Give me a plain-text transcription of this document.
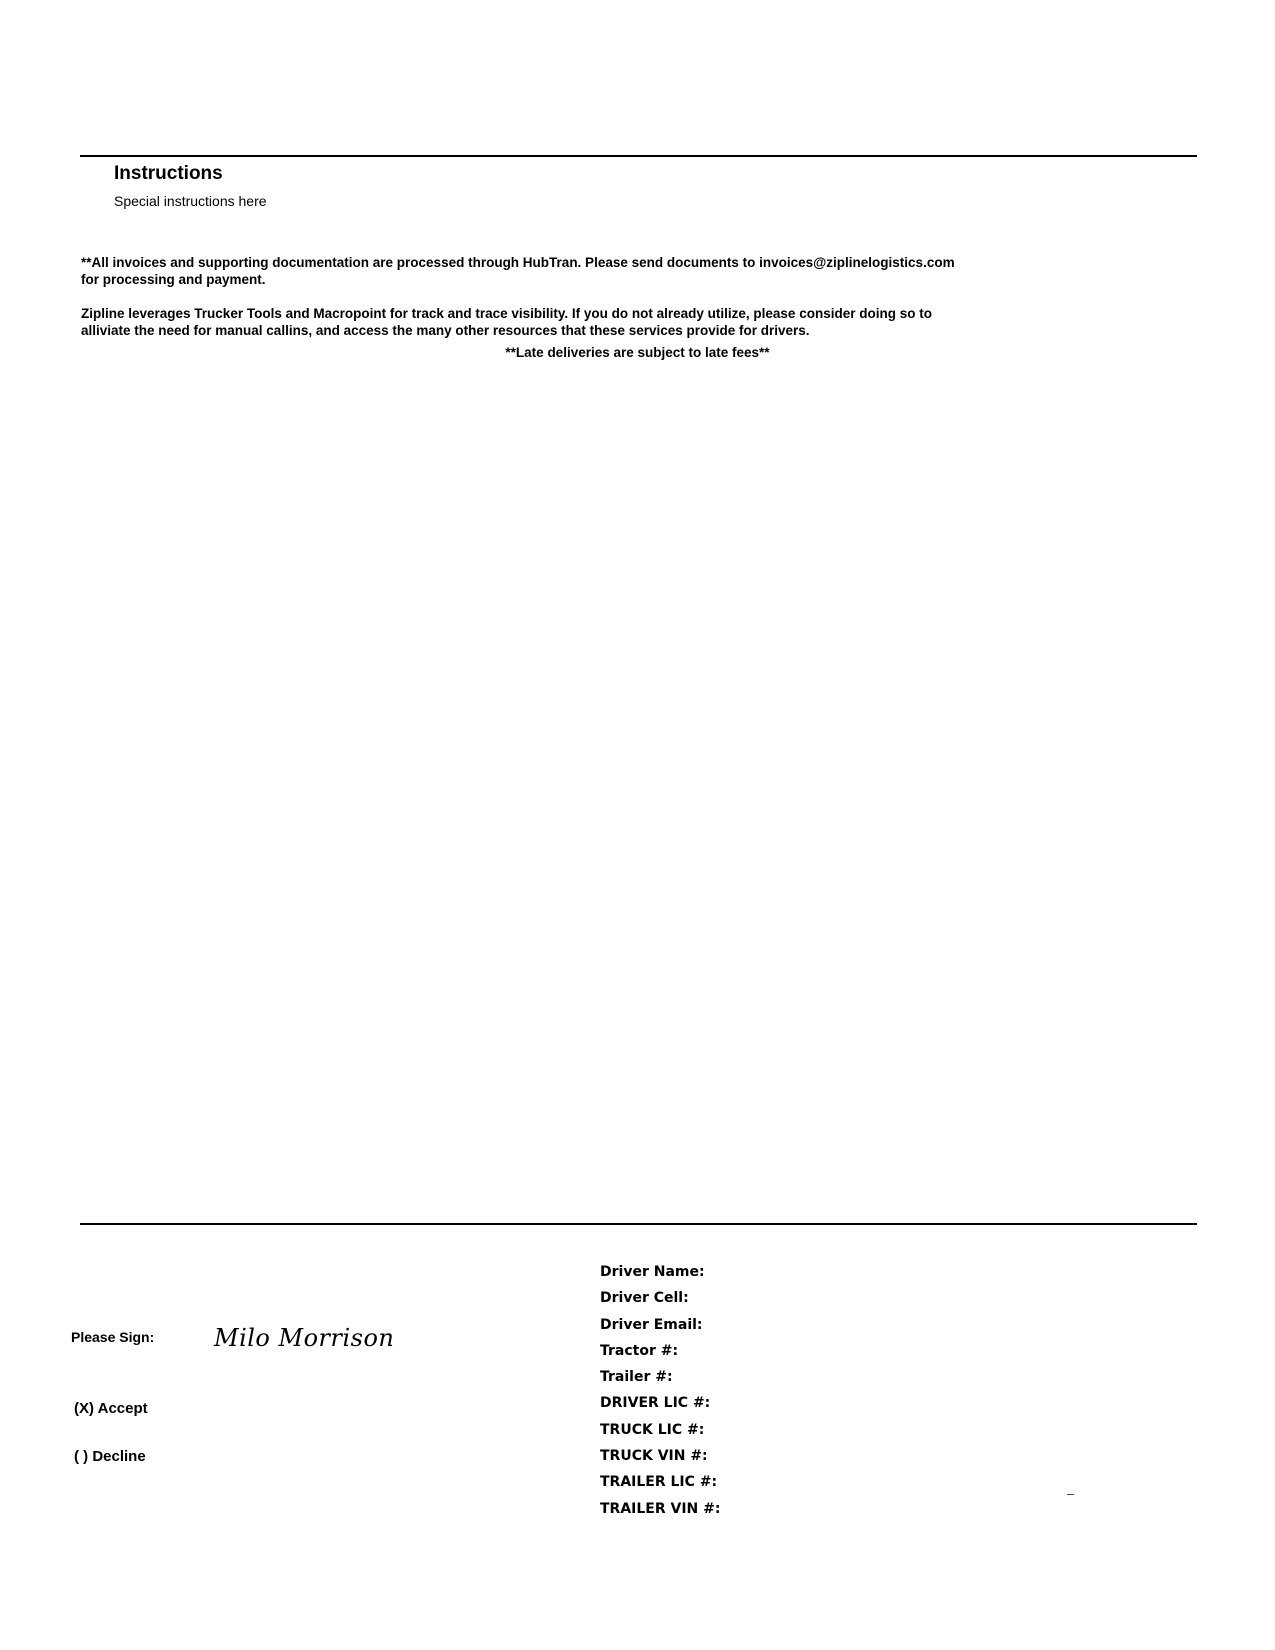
Instructions
Special instructions here

**All invoices and supporting documentation are processed through HubTran. Please send documents to invoices@ziplinelogistics.com

for processing and payment.

Zipline leverages Trucker Tools and Macropoint for track and trace visibility. If you do not already utilize, please consider doing so to

alliviate the need for manual callins, and access the many other resources that these services provide for drivers.

**Late deliveries are subject to late fees**
Please Sign: Milo Morrison
(X) Accept
( ) Decline
Driver Name:
Driver Cell:
Driver Email:
Tractor #:
Trailer #:
DRIVER LIC #:
TRUCK LIC #:
TRUCK VIN #:
TRAILER LIC #:
TRAILER VIN #:
